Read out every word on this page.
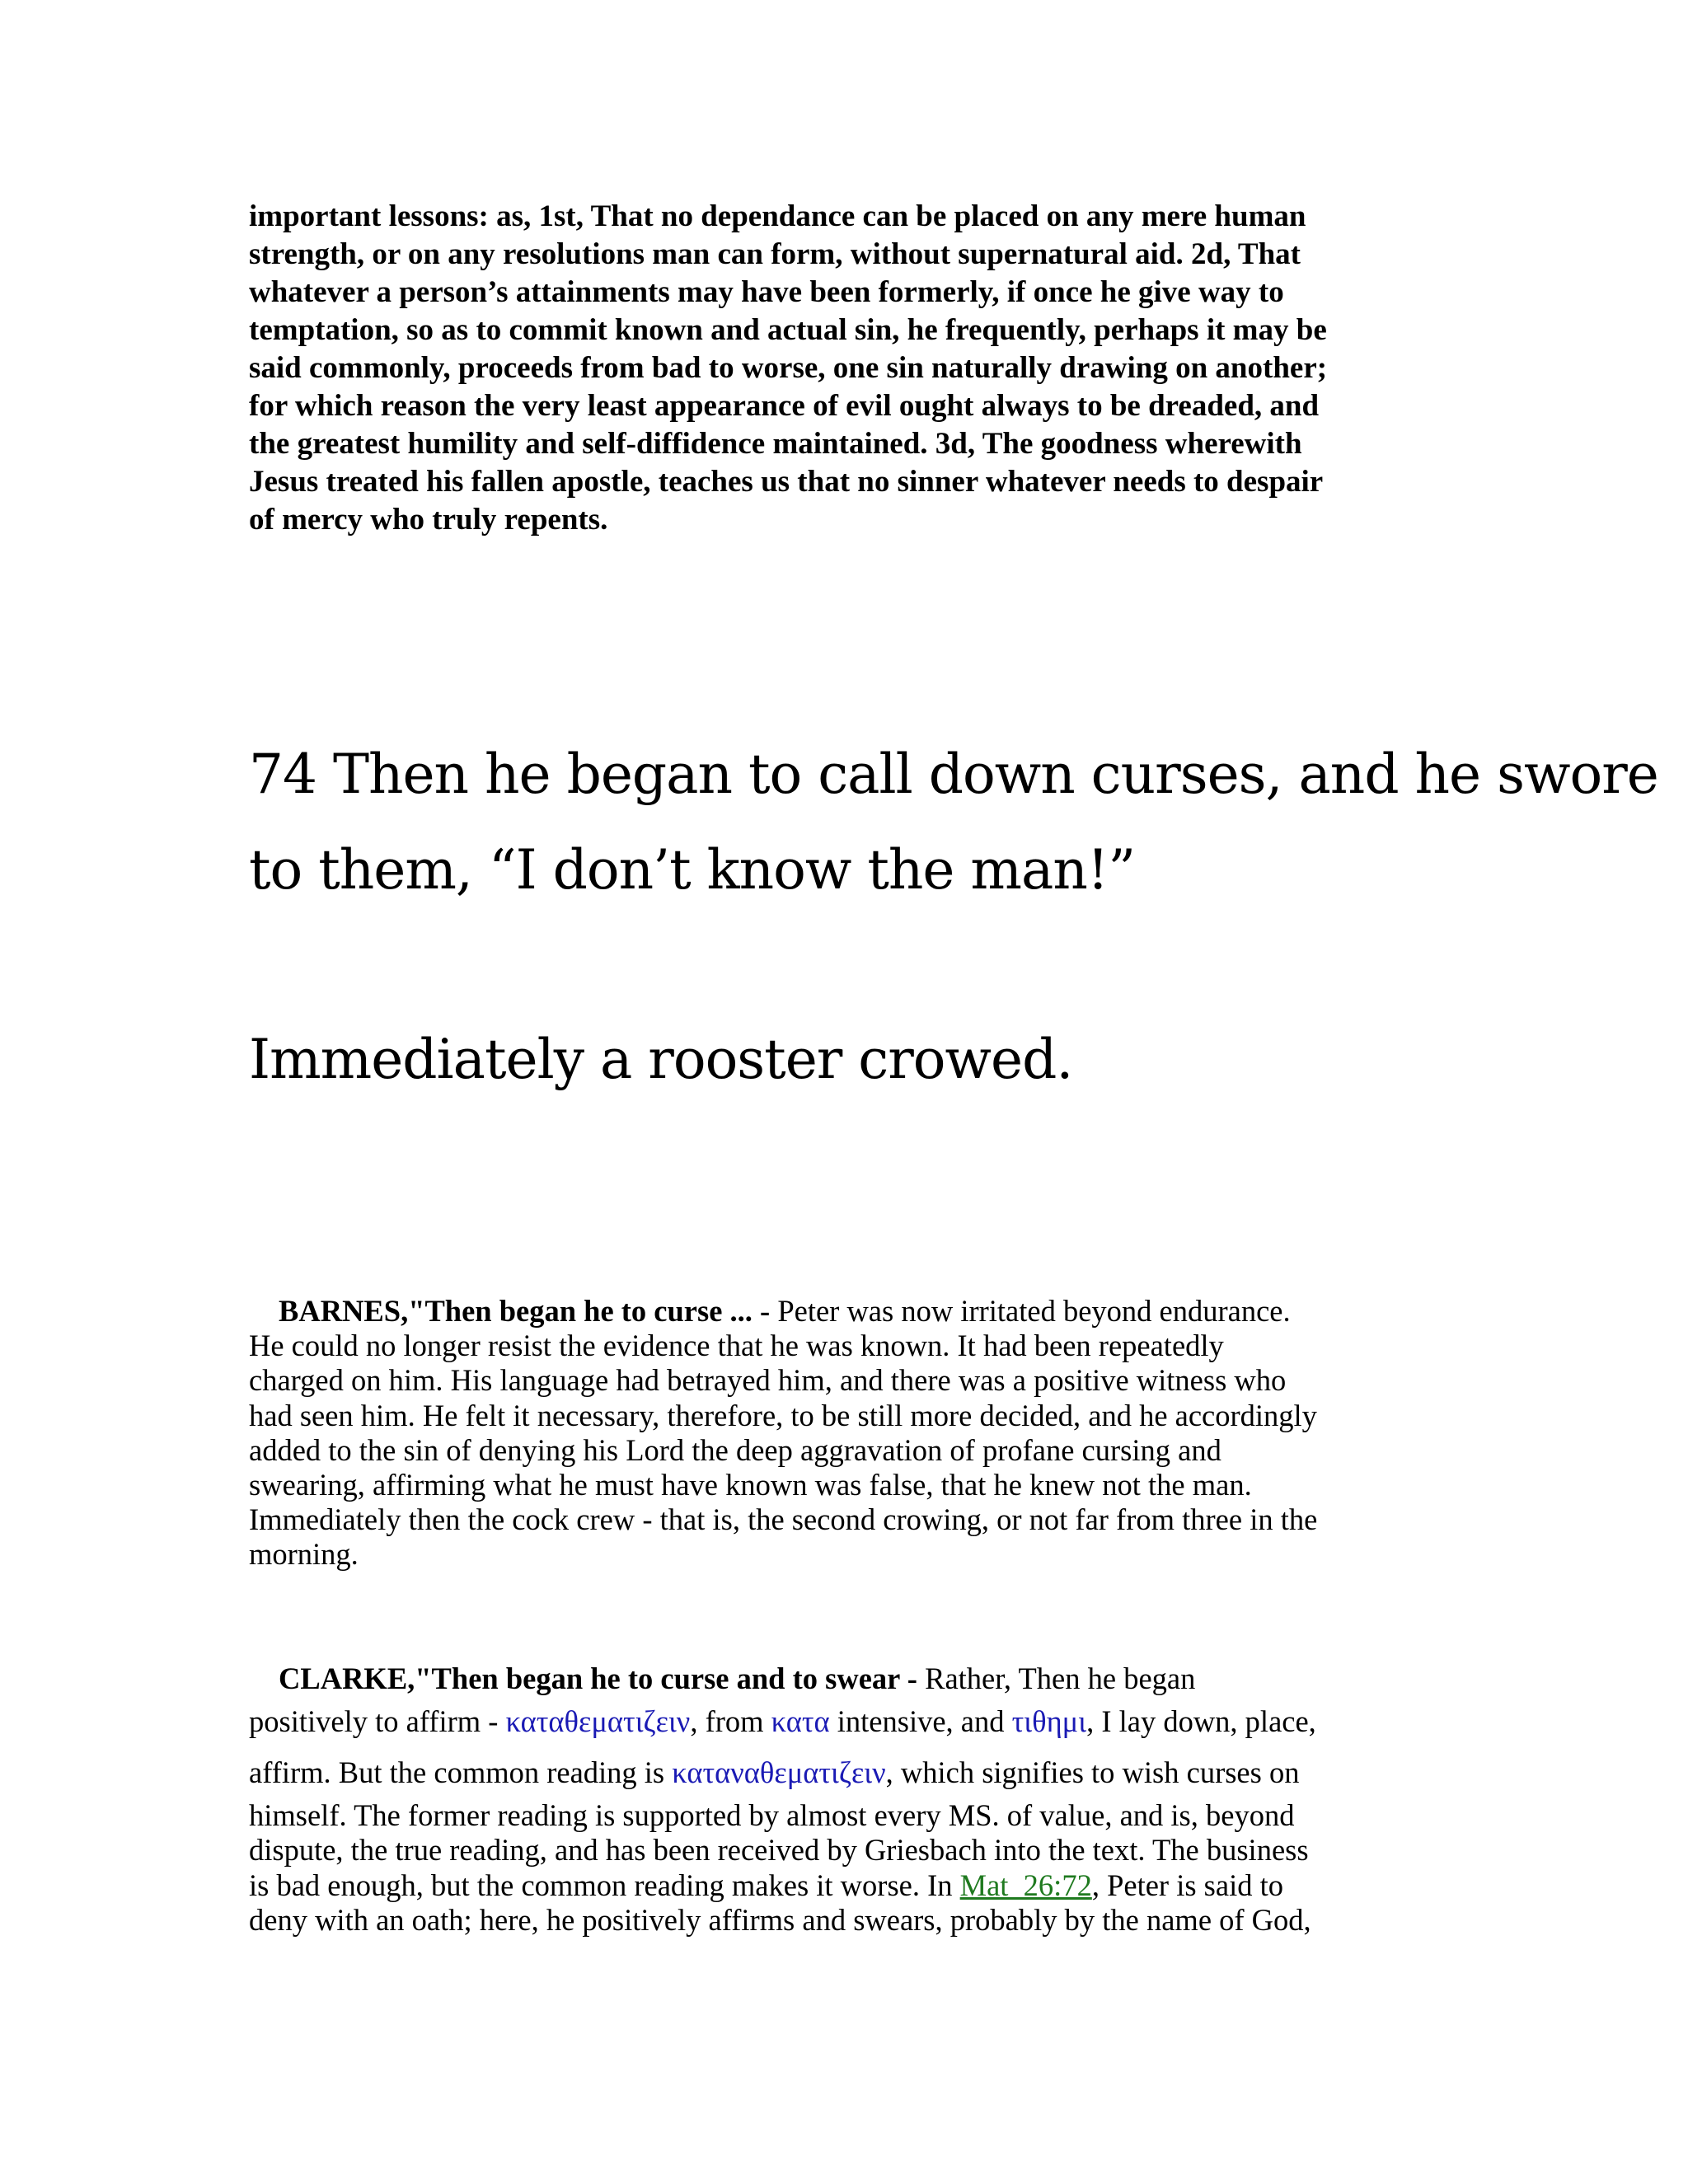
important lessons: as, 1st, That no dependance can be placed on any mere human
strength, or on any resolutions man can form, without supernatural aid. 2d, That
whatever a person’s attainments may have been formerly, if once he give way to
temptation, so as to commit known and actual sin, he frequently, perhaps it may be
said commonly, proceeds from bad to worse, one sin naturally drawing on another;
for which reason the very least appearance of evil ought always to be dreaded, and
the greatest humility and self-diffidence maintained. 3d, The goodness wherewith
Jesus treated his fallen apostle, teaches us that no sinner whatever needs to despair
of mercy who truly repents.
74 Then he began to call down curses, and he swore
to them, “I don’t know the man!”
Immediately a rooster crowed.
BARNES,"Then began he to curse ... - Peter was now irritated beyond endurance.
He could no longer resist the evidence that he was known. It had been repeatedly
charged on him. His language had betrayed him, and there was a positive witness who
had seen him. He felt it necessary, therefore, to be still more decided, and he accordingly
added to the sin of denying his Lord the deep aggravation of profane cursing and
swearing, affirming what he must have known was false, that he knew not the man.
Immediately then the cock crew - that is, the second crowing, or not far from three in the
morning.
CLARKE,"Then began he to curse and to swear - Rather, Then he began
positively to affirm - καταθεματιζειν, from κατα intensive, and τιθημι, I lay down, place,
affirm. But the common reading is καταναθεματιζειν, which signifies to wish curses on
himself. The former reading is supported by almost every MS. of value, and is, beyond
dispute, the true reading, and has been received by Griesbach into the text. The business
is bad enough, but the common reading makes it worse. In Mat_26:72, Peter is said to
deny with an oath; here, he positively affirms and swears, probably by the name of God,
